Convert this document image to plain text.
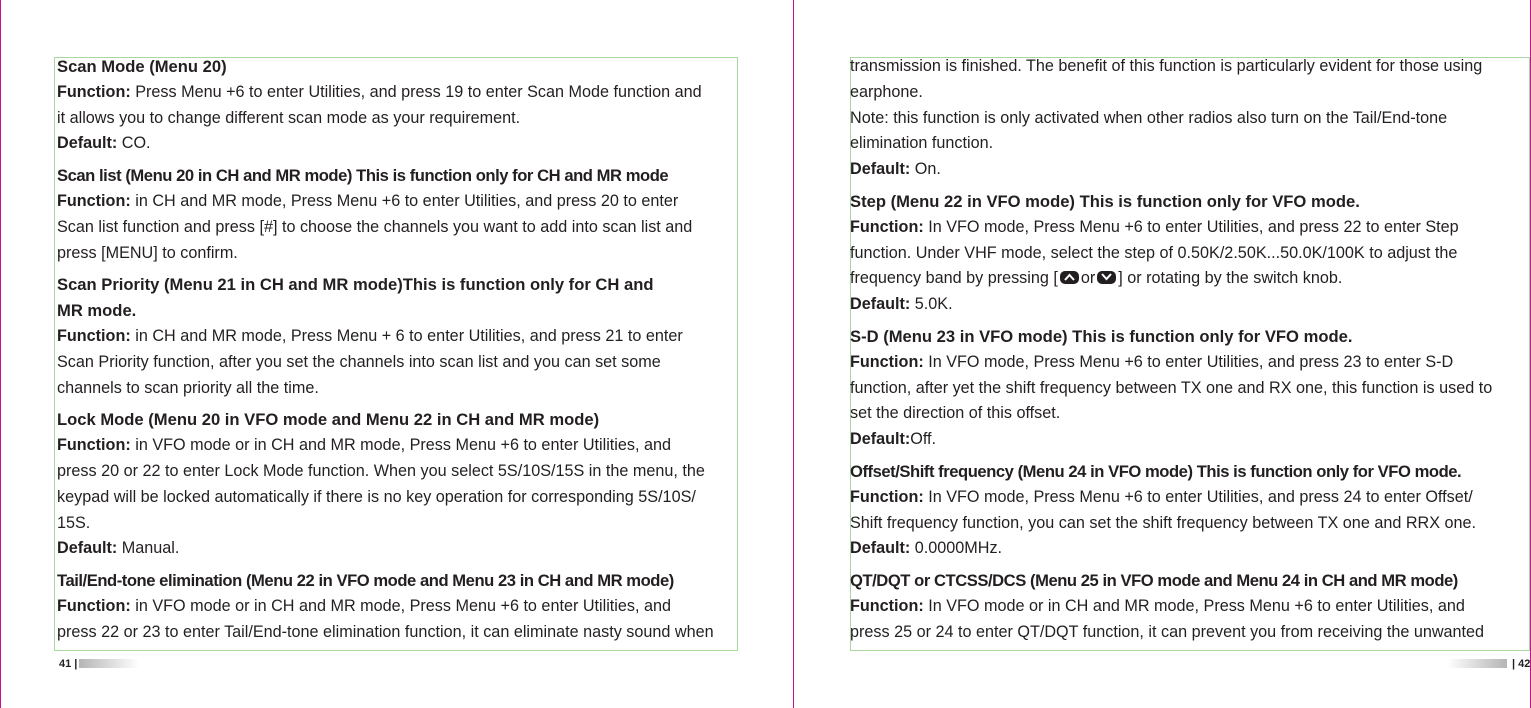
Scan Mode (Menu 20)
Function: Press Menu +6 to enter Utilities, and press 19 to enter Scan Mode function and
it allows you to change different scan mode as your requirement.
Default: CO.
Scan list (Menu 20 in CH and MR mode) This is function only for CH and MR mode
Function: in CH and MR mode, Press Menu +6 to enter Utilities, and press 20 to enter
Scan list function and press [#] to choose the channels you want to add into scan list and
press [MENU] to confirm.
Scan Priority (Menu 21 in CH and MR mode)This is function only for CH and
MR mode.
Function: in CH and MR mode, Press Menu + 6 to enter Utilities, and press 21 to enter
Scan Priority function, after you set the channels into scan list and you can set some
channels to scan priority all the time.
Lock Mode (Menu 20 in VFO mode and Menu 22 in CH and MR mode)
Function: in VFO mode or in CH and MR mode, Press Menu +6 to enter Utilities, and
press 20 or 22 to enter Lock Mode function. When you select 5S/10S/15S in the menu, the
keypad will be locked automatically if there is no key operation for corresponding 5S/10S/
15S.
Default: Manual.
Tail/End-tone elimination (Menu 22 in VFO mode and Menu 23 in CH and MR mode)
Function: in VFO mode or in CH and MR mode, Press Menu +6 to enter Utilities, and
press 22 or 23 to enter Tail/End-tone elimination function, it can eliminate nasty sound when
transmission is finished. The benefit of this function is particularly evident for those using
earphone.
Note: this function is only activated when other radios also turn on the Tail/End-tone
elimination function.
Default: On.
Step (Menu 22 in VFO mode) This is function only for VFO mode.
Function: In VFO mode, Press Menu +6 to enter Utilities, and press 22 to enter Step
function. Under VHF mode, select the step of 0.50K/2.50K...50.0K/100K to adjust the
frequency band by pressing [ or ] or rotating by the switch knob.
Default: 5.0K.
S-D (Menu 23 in VFO mode) This is function only for VFO mode.
Function: In VFO mode, Press Menu +6 to enter Utilities, and press 23 to enter S-D
function, after yet the shift frequency between TX one and RX one, this function is used to
set the direction of this offset.
Default:Off.
Offset/Shift frequency (Menu 24 in VFO mode) This is function only for VFO mode.
Function: In VFO mode, Press Menu +6 to enter Utilities, and press 24 to enter Offset/
Shift frequency function, you can set the shift frequency between TX one and RRX one.
Default: 0.0000MHz.
QT/DQT or CTCSS/DCS (Menu 25 in VFO mode and Menu 24 in CH and MR mode)
Function: In VFO mode or in CH and MR mode, Press Menu +6 to enter Utilities, and
press 25 or 24 to enter QT/DQT function, it can prevent you from receiving the unwanted
41 |	| 42
